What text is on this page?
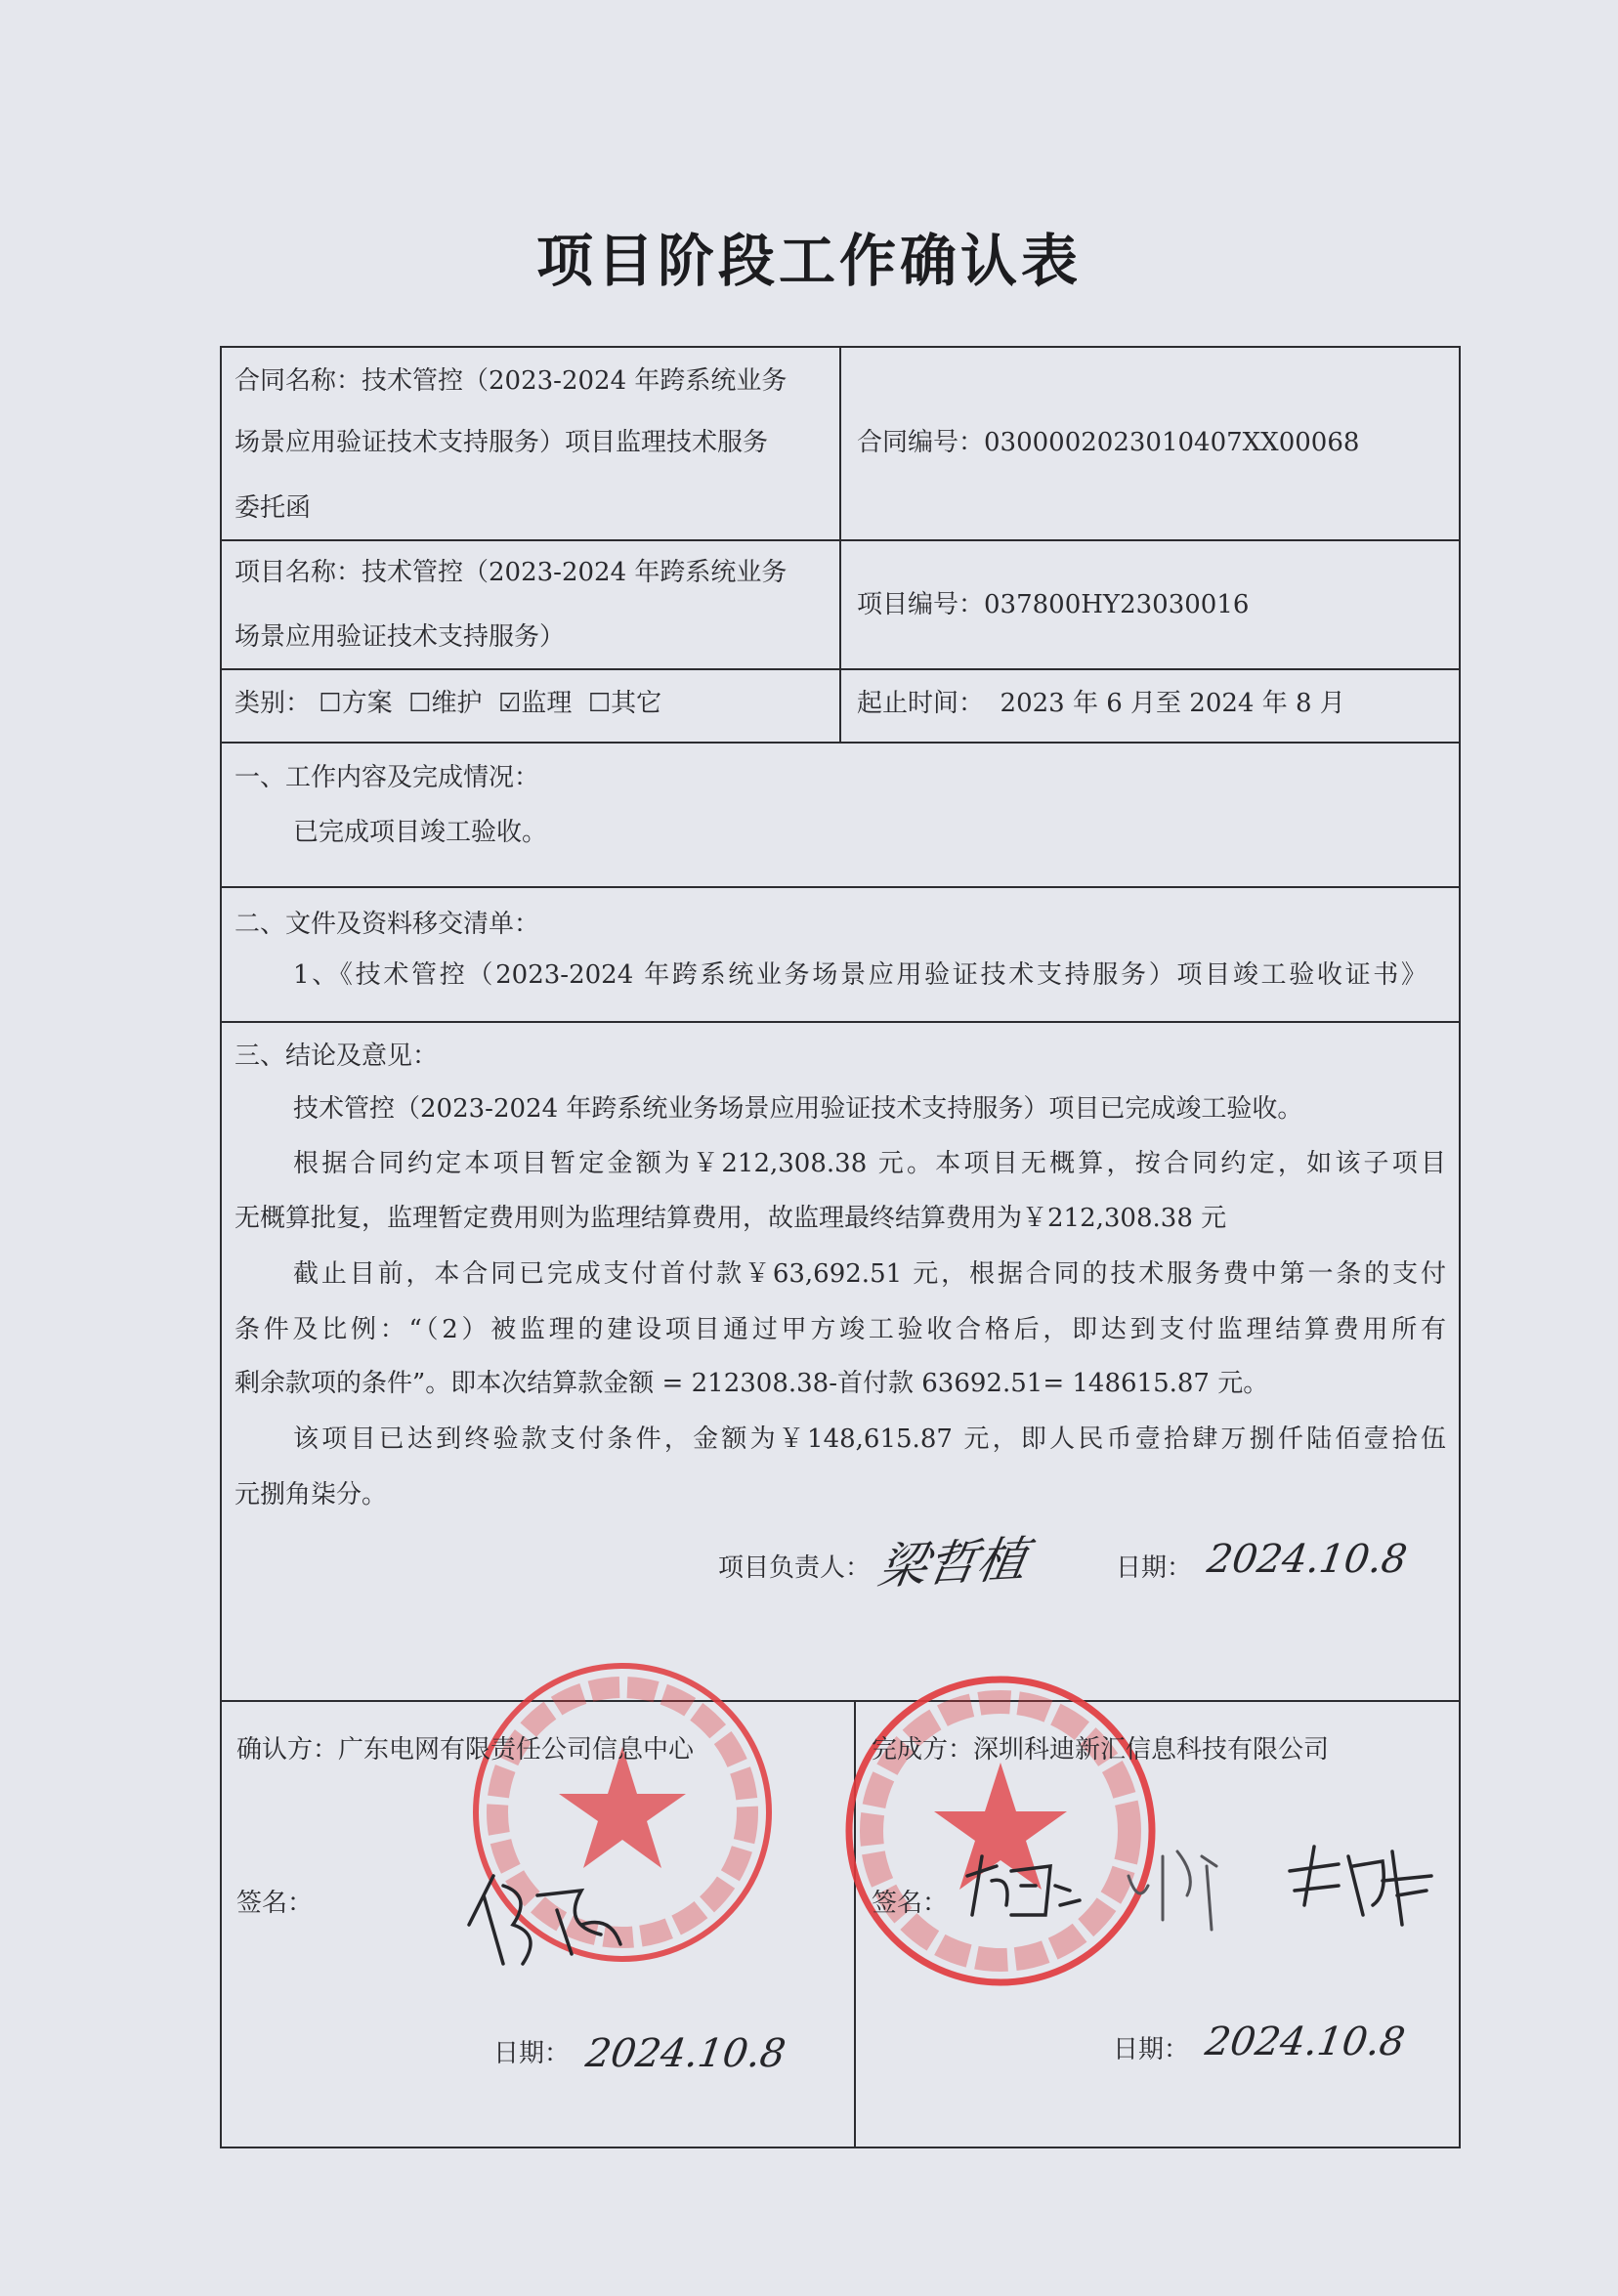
项目阶段工作确认表
合同名称：技术管控（2023-2024 年跨系统业务
场景应用验证技术支持服务）项目监理技术服务
委托函
合同编号：0300002023010407XX00068
项目名称：技术管控（2023-2024 年跨系统业务
场景应用验证技术支持服务）
项目编号：037800HY23030016
类别： ☐方案 ☐维护 ☑监理 ☐其它	起止时间：  2023 年 6 月至 2024 年 8 月
一、工作内容及完成情况：
已完成项目竣工验收。
二、文件及资料移交清单：
1、《技术管控（2023-2024 年跨系统业务场景应用验证技术支持服务）项目竣工验收证书》
三、结论及意见：
技术管控（2023-2024 年跨系统业务场景应用验证技术支持服务）项目已完成竣工验收。
根据合同约定本项目暂定金额为￥212,308.38 元。本项目无概算，按合同约定，如该子项目
无概算批复，监理暂定费用则为监理结算费用，故监理最终结算费用为￥212,308.38 元
截止目前，本合同已完成支付首付款￥63,692.51 元，根据合同的技术服务费中第一条的支付
条件及比例：“（2）被监理的建设项目通过甲方竣工验收合格后，即达到支付监理结算费用所有
剩余款项的条件”。即本次结算款金额 = 212308.38-首付款 63692.51= 148615.87 元。
该项目已达到终验款支付条件，金额为￥148,615.87 元，即人民币壹拾肆万捌仟陆佰壹拾伍
元捌角柒分。
项目负责人： 梁哲植	日期： 2024.10.8
确认方：广东电网有限责任公司信息中心
签名：
日期： 2024.10.8
完成方：深圳科迪新汇信息科技有限公司
签名：
日期： 2024.10.8
